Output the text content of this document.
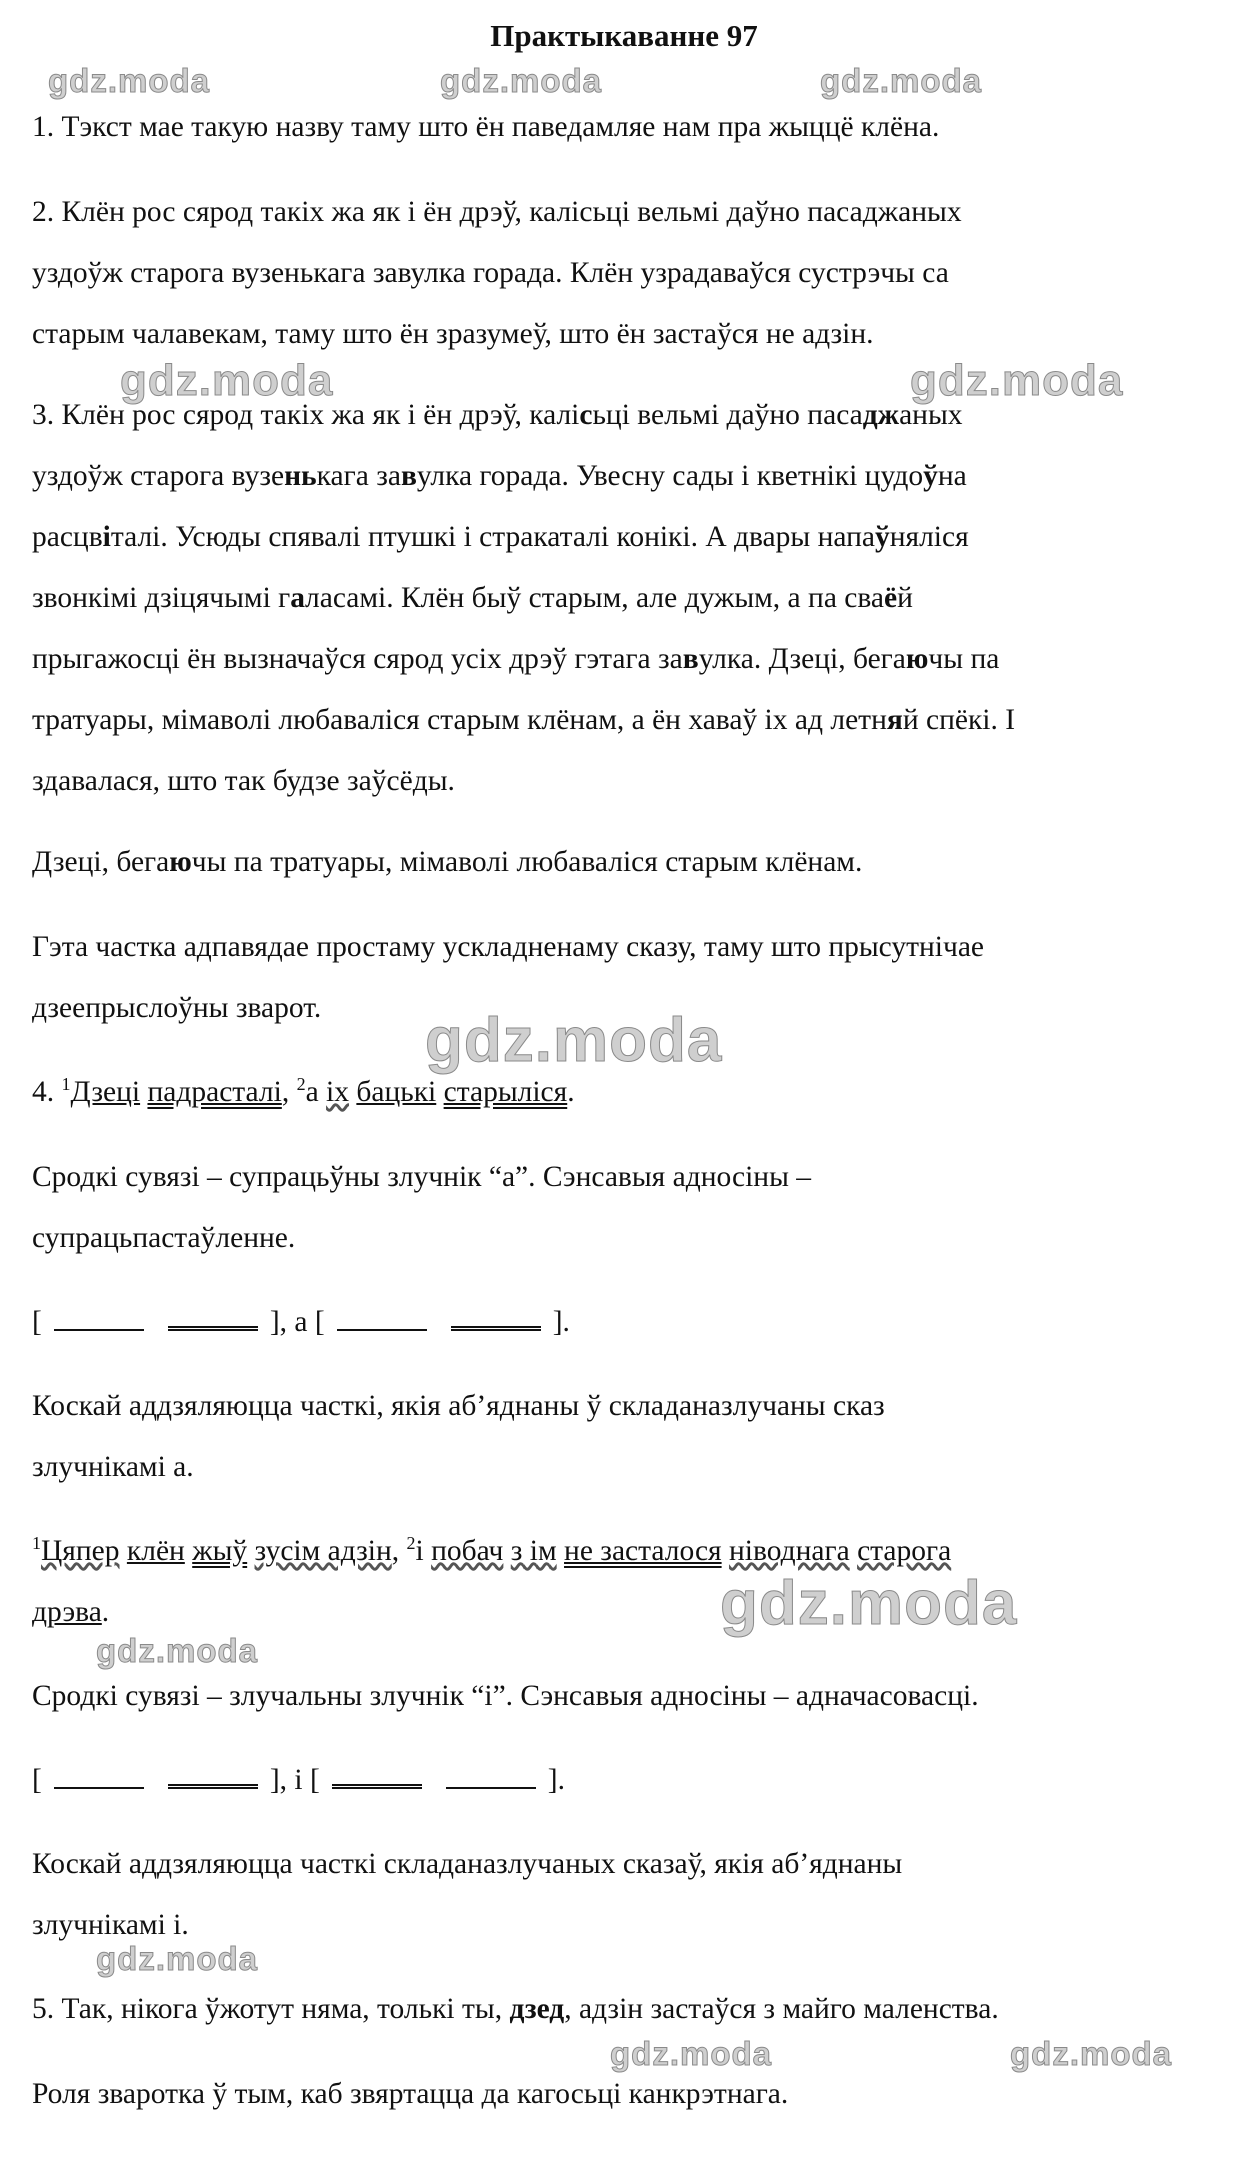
Практыкаванне 97
gdz.moda	gdz.moda	gdz.moda
gdz.moda	gdz.moda
gdz.moda
gdz.moda
gdz.moda
gdz.moda
gdz.moda	gdz.moda
1. Тэкст мае такую назву таму што ён паведамляе нам пра жыццё клёна.
2. Клён рос сярод такіх жа як і ён дрэў, калісьці вельмі даўно пасаджаных
уздоўж старога вузенькага завулка горада. Клён узрадаваўся сустрэчы са
старым чалавекам, таму што ён зразумеў, што ён застаўся не адзін.
3. Клён рос сярод такіх жа як і ён дрэў, калісьці вельмі даўно пасаджаных
уздоўж старога вузенькага завулка горада. Увесну сады і кветнікі цудоўна
расцвіталі. Усюды спявалі птушкі і стракаталі конікі. А двары напаўняліся
звонкімі дзіцячымі галасамі. Клён быў старым, але дужым, а па сваёй
прыгажосці ён вызначаўся сярод усіх дрэў гэтага завулка. Дзеці, бегаючы па
тратуары, мімаволі любаваліся старым клёнам, а ён хаваў іх ад летняй спёкі. І
здавалася, што так будзе заўсёды.
Дзеці, бегаючы па тратуары, мімаволі любаваліся старым клёнам.
Гэта частка адпавядае простаму ускладненаму сказу, таму што прысутнічае
дзеепрыслоўны зварот.
4. $^1$Дзеці падрасталі, $^2$а іх бацькі старыліся.
Сродкі сувязі – супрацьўны злучнік “а”. Сэнсавыя адносіны –
супрацьпастаўленне.
[	], а [	].
Коскай аддзяляюцца часткі, якія аб’яднаны ў складаназлучаны сказ
злучнікамі а.
$^1$Цяпер клён жыў зусім адзін, $^2$і побач з ім не засталося ніводнага старога
дрэва.
Сродкі сувязі – злучальны злучнік “і”. Сэнсавыя адносіны – адначасовасці.
[	], і [	].
Коскай аддзяляюцца часткі складаназлучаных сказаў, якія аб’яднаны
злучнікамі і.
5. Так, нікога ўжотут няма, толькі ты, дзед, адзін застаўся з майго маленства.
Роля зваротка ў тым, каб звяртацца да кагосьці канкрэтнага.
